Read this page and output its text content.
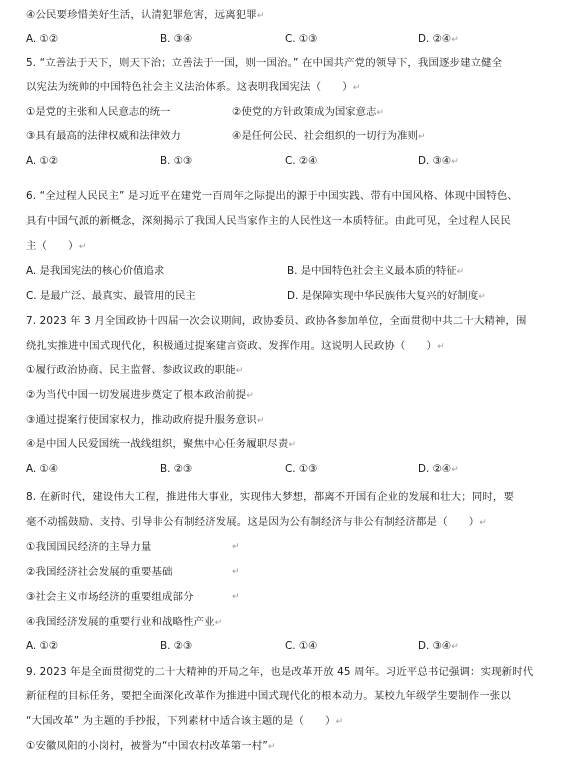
④公民要珍惜美好生活，认清犯罪危害，远离犯罪↵
A. ①②	B. ③④	C. ①③	D. ②④↵
5. “立善法于天下，则天下治；立善法于一国，则一国治。” 在中国共产党的领导下，我国逐步建立健全
以宪法为统帅的中国特色社会主义法治体系。这表明我国宪法（　　）↵
①是党的主张和人民意志的统一	②使党的方针政策成为国家意志↵
③具有最高的法律权威和法律效力	④是任何公民、社会组织的一切行为准则↵
A. ①②	B. ①③	C. ②④	D. ③④↵
6. “全过程人民民主” 是习近平在建党一百周年之际提出的源于中国实践、带有中国风格、体现中国特色、
具有中国气派的新概念，深刻揭示了我国人民当家作主的人民性这一本质特征。由此可见，全过程人民民
主（　　）↵
A. 是我国宪法的核心价值追求	B. 是中国特色社会主义最本质的特征↵
C. 是最广泛、最真实、最管用的民主	D. 是保障实现中华民族伟大复兴的好制度↵
7. 2023 年 3 月全国政协十四届一次会议期间，政协委员、政协各参加单位，全面贯彻中共二十大精神，围
绕扎实推进中国式现代化，积极通过提案建言资政、发挥作用。这说明人民政协（　　）↵
①履行政治协商、民主监督、参政议政的职能↵
②为当代中国一切发展进步奠定了根本政治前提↵
③通过提案行使国家权力，推动政府提升服务意识↵
④是中国人民爱国统一战线组织，聚焦中心任务履职尽责↵
A. ①④	B. ②③	C. ①③	D. ②④↵
8. 在新时代，建设伟大工程，推进伟大事业，实现伟大梦想，都离不开国有企业的发展和壮大；同时，要
毫不动摇鼓励、支持、引导非公有制经济发展。这是因为公有制经济与非公有制经济都是（　　）↵
①我国国民经济的主导力量	↵
②我国经济社会发展的重要基础	↵
③社会主义市场经济的重要组成部分	↵
④我国经济发展的重要行业和战略性产业↵
A. ①②	B. ②③	C. ①④	D. ③④↵
9. 2023 年是全面贯彻党的二十大精神的开局之年，也是改革开放 45 周年。习近平总书记强调：实现新时代
新征程的目标任务，要把全面深化改革作为推进中国式现代化的根本动力。某校九年级学生要制作一张以
“大国改革” 为主题的手抄报，下列素材中适合该主题的是（　　）↵
①安徽凤阳的小岗村，被誉为“中国农村改革第一村”↵
